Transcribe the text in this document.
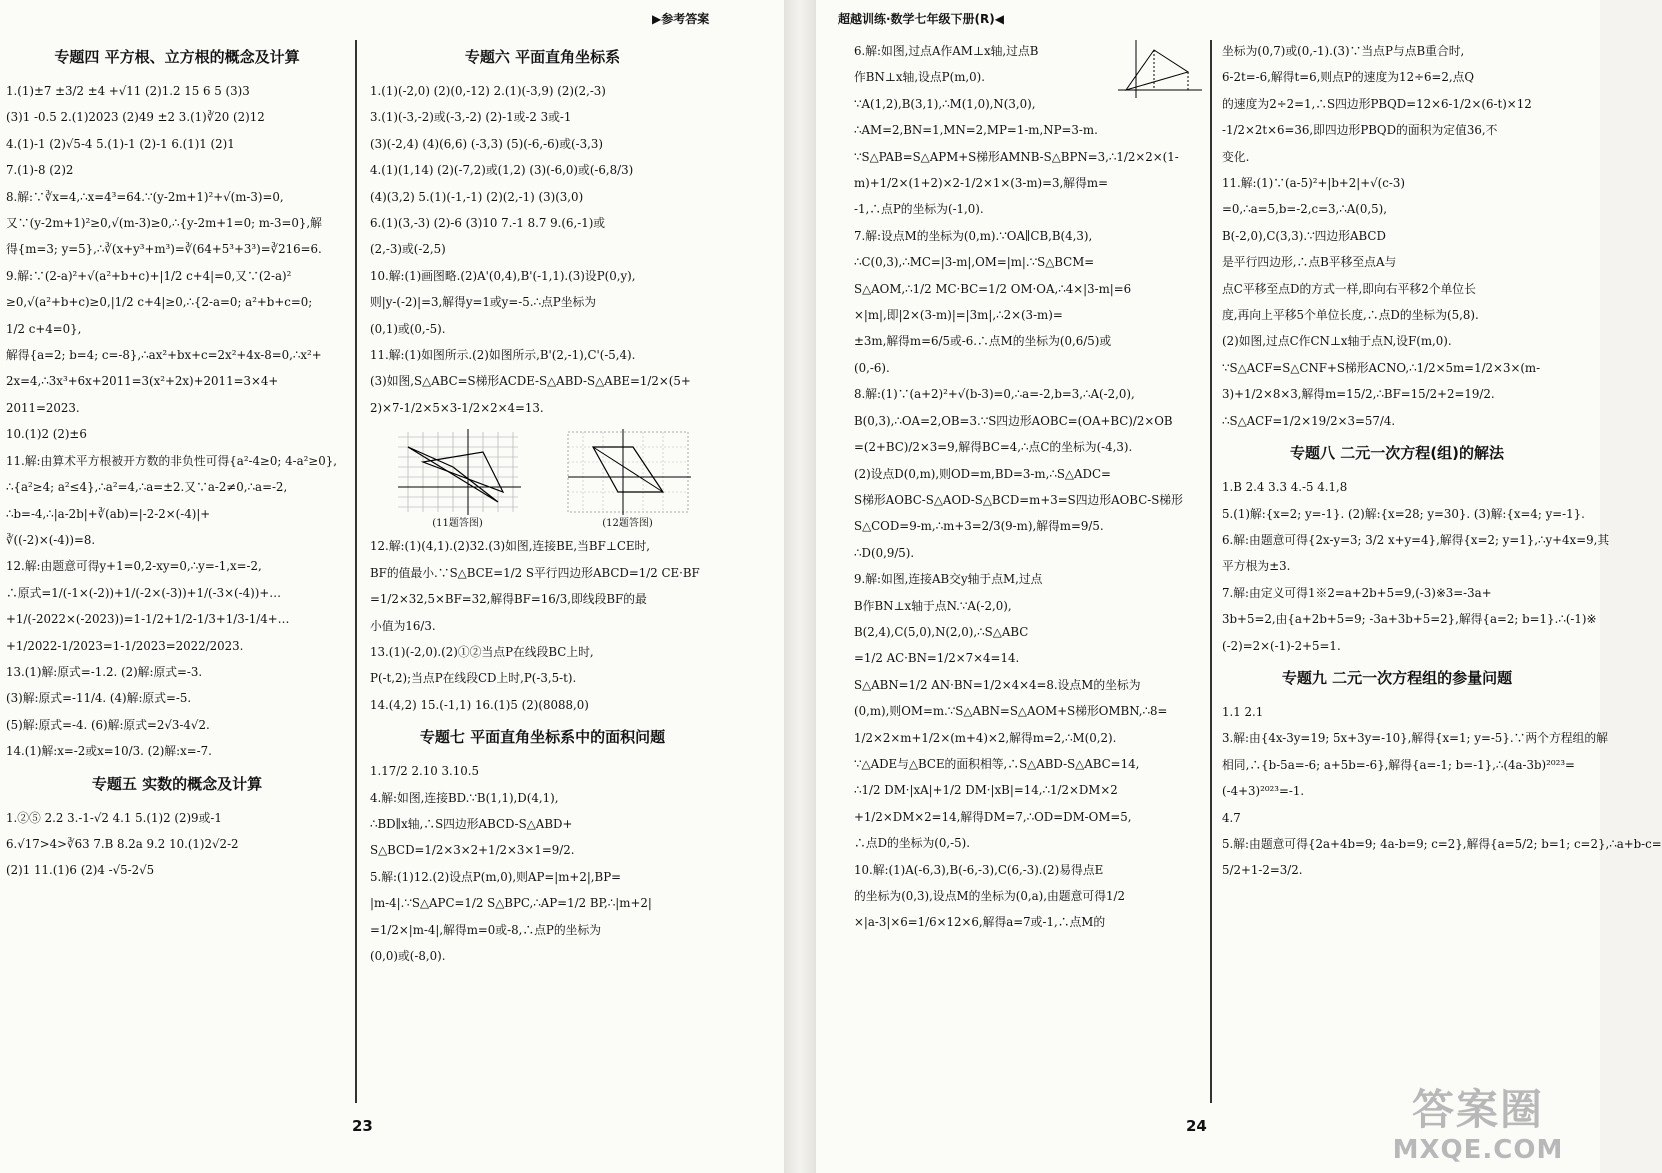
▶参考答案
专题四 平方根、立方根的概念及计算
1.(1)±7 ±3/2 ±4 +√11 (2)1.2 15 6 5 (3)3
(3)1 -0.5 2.(1)2023 (2)49 ±2 3.(1)∛20 (2)12
4.(1)-1 (2)√5-4 5.(1)-1 (2)-1 6.(1)1 (2)1
7.(1)-8 (2)2
8.解:∵∛x=4,∴x=4³=64.∵(y-2m+1)²+√(m-3)=0,
又∵(y-2m+1)²≥0,√(m-3)≥0,∴{y-2m+1=0; m-3=0},解
得{m=3; y=5},∴∛(x+y³+m³)=∛(64+5³+3³)=∛216=6.
9.解:∵(2-a)²+√(a²+b+c)+|1/2 c+4|=0,又∵(2-a)²
≥0,√(a²+b+c)≥0,|1/2 c+4|≥0,∴{2-a=0; a²+b+c=0;
1/2 c+4=0},
解得{a=2; b=4; c=-8},∴ax²+bx+c=2x²+4x-8=0,∴x²+
2x=4,∴3x³+6x+2011=3(x²+2x)+2011=3×4+
2011=2023.
10.(1)2 (2)±6
11.解:由算术平方根被开方数的非负性可得{a²-4≥0; 4-a²≥0},
∴{a²≥4; a²≤4},∴a²=4,∴a=±2.又∵a-2≠0,∴a=-2,
∴b=-4,∴|a-2b|+∛(ab)=|-2-2×(-4)|+
∛((-2)×(-4))=8.
12.解:由题意可得y+1=0,2-xy=0,∴y=-1,x=-2,
∴原式=1/(-1×(-2))+1/(-2×(-3))+1/(-3×(-4))+…
+1/(-2022×(-2023))=1-1/2+1/2-1/3+1/3-1/4+…
+1/2022-1/2023=1-1/2023=2022/2023.
13.(1)解:原式=-1.2. (2)解:原式=-3.
(3)解:原式=-11/4. (4)解:原式=-5.
(5)解:原式=-4. (6)解:原式=2√3-4√2.
14.(1)解:x=-2或x=10/3. (2)解:x=-7.
专题五 实数的概念及计算
1.②⑤ 2.2 3.-1-√2 4.1 5.(1)2 (2)9或-1
6.√17>4>∛63 7.B 8.2a 9.2 10.(1)2√2-2
(2)1 11.(1)6 (2)4 -√5-2√5
专题六 平面直角坐标系
1.(1)(-2,0) (2)(0,-12) 2.(1)(-3,9) (2)(2,-3)
3.(1)(-3,-2)或(-3,-2) (2)-1或-2 3或-1
(3)(-2,4) (4)(6,6) (-3,3) (5)(-6,-6)或(-3,3)
4.(1)(1,14) (2)(-7,2)或(1,2) (3)(-6,0)或(-6,8/3)
(4)(3,2) 5.(1)(-1,-1) (2)(2,-1) (3)(3,0)
6.(1)(3,-3) (2)-6 (3)10 7.-1 8.7 9.(6,-1)或
(2,-3)或(-2,5)
10.解:(1)画图略.(2)A'(0,4),B'(-1,1).(3)设P(0,y),
则|y-(-2)|=3,解得y=1或y=-5.∴点P坐标为
(0,1)或(0,-5).
11.解:(1)如图所示.(2)如图所示,B'(2,-1),C'(-5,4).
(3)如图,S△ABC=S梯形ACDE-S△ABD-S△ABE=1/2×(5+
2)×7-1/2×5×3-1/2×2×4=13.
(11题答图)	(12题答图)
12.解:(1)(4,1).(2)32.(3)如图,连接BE,当BF⊥CE时,
BF的值最小.∵S△BCE=1/2 S平行四边形ABCD=1/2 CE·BF
=1/2×32,5×BF=32,解得BF=16/3,即线段BF的最
小值为16/3.
13.(1)(-2,0).(2)①②当点P在线段BC上时,
P(-t,2);当点P在线段CD上时,P(-3,5-t).
14.(4,2) 15.(-1,1) 16.(1)5 (2)(8088,0)
专题七 平面直角坐标系中的面积问题
1.17/2 2.10 3.10.5
4.解:如图,连接BD.∵B(1,1),D(4,1),
∴BD∥x轴,∴S四边形ABCD-S△ABD+
S△BCD=1/2×3×2+1/2×3×1=9/2.
5.解:(1)12.(2)设点P(m,0),则AP=|m+2|,BP=
|m-4|.∵S△APC=1/2 S△BPC,∴AP=1/2 BP,∴|m+2|
=1/2×|m-4|,解得m=0或-8,∴点P的坐标为
(0,0)或(-8,0).
23
超越训练·数学七年级下册(R)◀
6.解:如图,过点A作AM⊥x轴,过点B
作BN⊥x轴,设点P(m,0).
∵A(1,2),B(3,1),∴M(1,0),N(3,0),
∴AM=2,BN=1,MN=2,MP=1-m,NP=3-m.
∵S△PAB=S△APM+S梯形AMNB-S△BPN=3,∴1/2×2×(1-
m)+1/2×(1+2)×2-1/2×1×(3-m)=3,解得m=
-1,∴点P的坐标为(-1,0).
7.解:设点M的坐标为(0,m).∵OA∥CB,B(4,3),
∴C(0,3),∴MC=|3-m|,OM=|m|.∵S△BCM=
S△AOM,∴1/2 MC·BC=1/2 OM·OA,∴4×|3-m|=6
×|m|,即|2×(3-m)|=|3m|,∴2×(3-m)=
±3m,解得m=6/5或-6.∴点M的坐标为(0,6/5)或
(0,-6).
8.解:(1)∵(a+2)²+√(b-3)=0,∴a=-2,b=3,∴A(-2,0),
B(0,3),∴OA=2,OB=3.∵S四边形AOBC=(OA+BC)/2×OB
=(2+BC)/2×3=9,解得BC=4,∴点C的坐标为(-4,3).
(2)设点D(0,m),则OD=m,BD=3-m,∴S△ADC=
S梯形AOBC-S△AOD-S△BCD=m+3=S四边形AOBC-S梯形
S△COD=9-m,∴m+3=2/3(9-m),解得m=9/5.
∴D(0,9/5).
9.解:如图,连接AB交y轴于点M,过点
B作BN⊥x轴于点N.∵A(-2,0),
B(2,4),C(5,0),N(2,0),∴S△ABC
=1/2 AC·BN=1/2×7×4=14.
S△ABN=1/2 AN·BN=1/2×4×4=8.设点M的坐标为
(0,m),则OM=m.∵S△ABN=S△AOM+S梯形OMBN,∴8=
1/2×2×m+1/2×(m+4)×2,解得m=2,∴M(0,2).
∵△ADE与△BCE的面积相等,∴S△ABD-S△ABC=14,
∴1/2 DM·|xA|+1/2 DM·|xB|=14,∴1/2×DM×2
+1/2×DM×2=14,解得DM=7,∴OD=DM-OM=5,
∴点D的坐标为(0,-5).
10.解:(1)A(-6,3),B(-6,-3),C(6,-3).(2)易得点E
的坐标为(0,3),设点M的坐标为(0,a),由题意可得1/2
×|a-3|×6=1/6×12×6,解得a=7或-1,∴点M的
坐标为(0,7)或(0,-1).(3)∵当点P与点B重合时,
6-2t=-6,解得t=6,则点P的速度为12÷6=2,点Q
的速度为2÷2=1,∴S四边形PBQD=12×6-1/2×(6-t)×12
-1/2×2t×6=36,即四边形PBQD的面积为定值36,不
变化.
11.解:(1)∵(a-5)²+|b+2|+√(c-3)
=0,∴a=5,b=-2,c=3,∴A(0,5),
B(-2,0),C(3,3).∵四边形ABCD
是平行四边形,∴点B平移至点A与
点C平移至点D的方式一样,即向右平移2个单位长
度,再向上平移5个单位长度,∴点D的坐标为(5,8).
(2)如图,过点C作CN⊥x轴于点N,设F(m,0).
∵S△ACF=S△CNF+S梯形ACNO,∴1/2×5m=1/2×3×(m-
3)+1/2×8×3,解得m=15/2,∴BF=15/2+2=19/2.
∴S△ACF=1/2×19/2×3=57/4.
专题八 二元一次方程(组)的解法
1.B 2.4 3.3 4.-5 4.1,8
5.(1)解:{x=2; y=-1}. (2)解:{x=28; y=30}. (3)解:{x=4; y=-1}.
6.解:由题意可得{2x-y=3; 3/2 x+y=4},解得{x=2; y=1},∴y+4x=9,其
平方根为±3.
7.解:由定义可得1※2=a+2b+5=9,(-3)※3=-3a+
3b+5=2,由{a+2b+5=9; -3a+3b+5=2},解得{a=2; b=1}.∴(-1)※
(-2)=2×(-1)-2+5=1.
专题九 二元一次方程组的参量问题
1.1 2.1
3.解:由{4x-3y=19; 5x+3y=-10},解得{x=1; y=-5}.∵两个方程组的解
相同,∴{b-5a=-6; a+5b=-6},解得{a=-1; b=-1},∴(4a-3b)²⁰²³=
(-4+3)²⁰²³=-1.
4.7
5.解:由题意可得{2a+4b=9; 4a-b=9; c=2},解得{a=5/2; b=1; c=2},∴a+b-c=
5/2+1-2=3/2.
24	答案圈
MXQE.COM
